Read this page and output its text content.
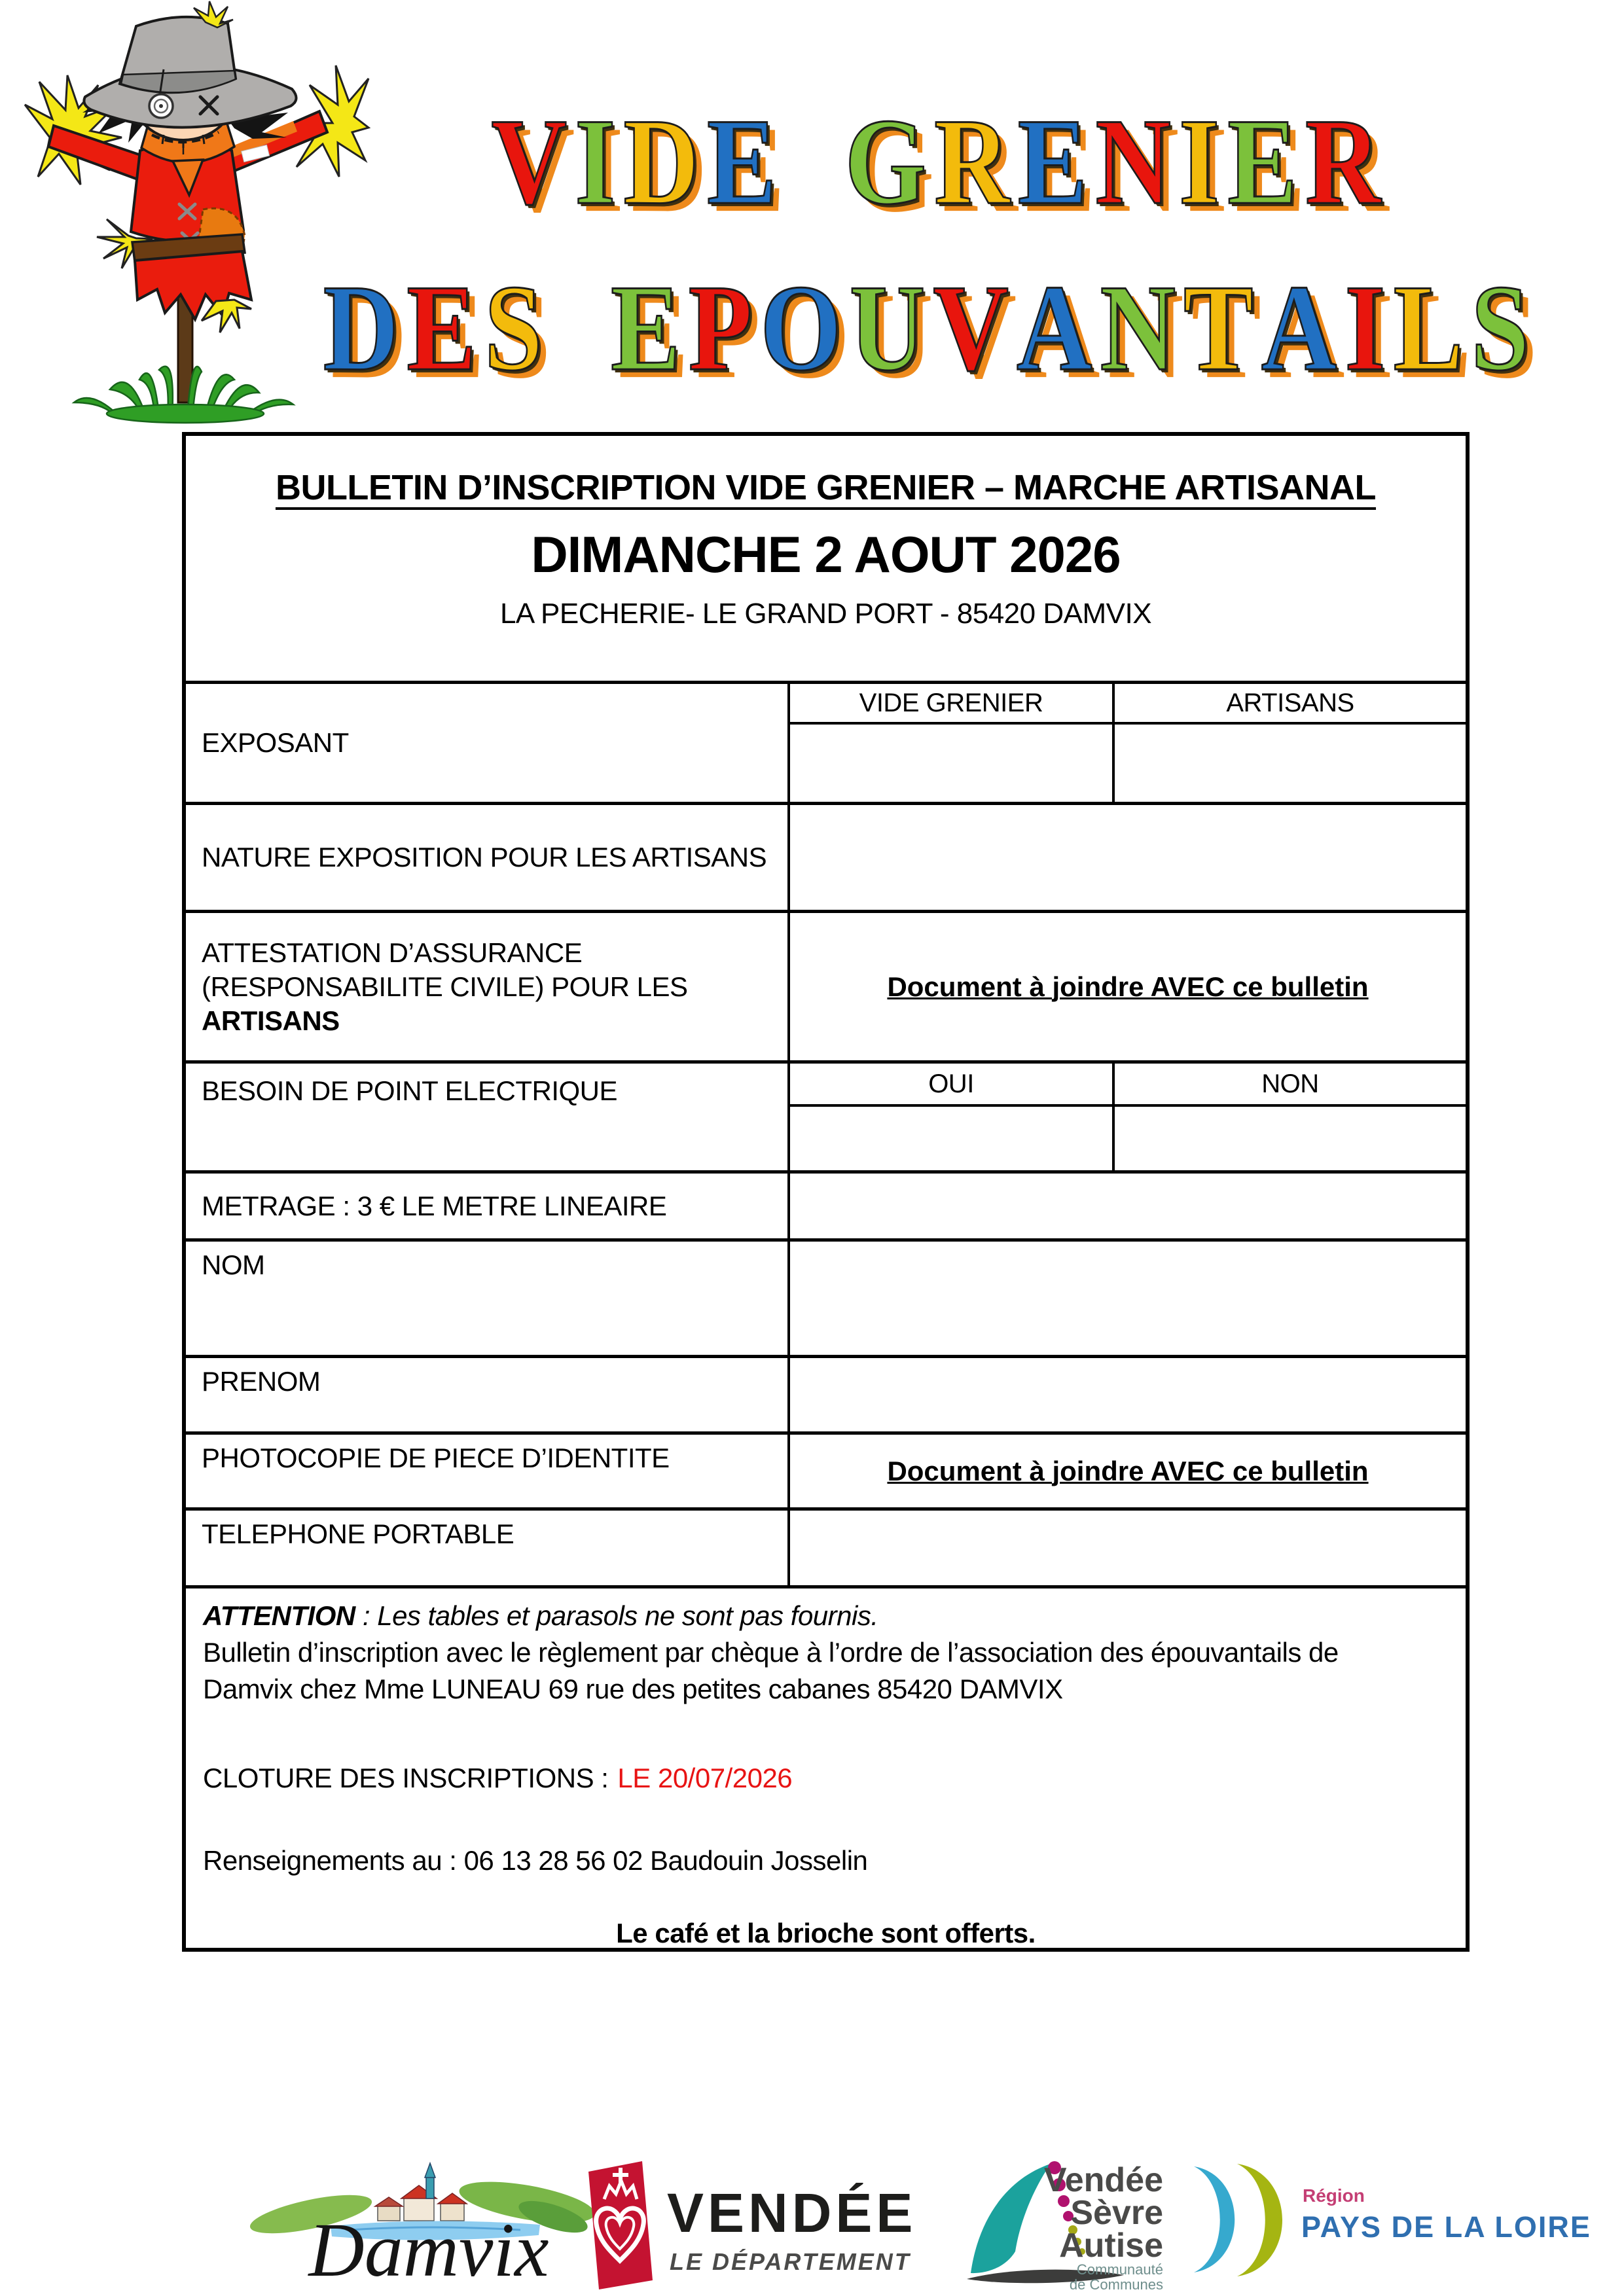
VIDE GRENIER
DES EPOUVANTAILS
BULLETIN D’INSCRIPTION VIDE GRENIER – MARCHE ARTISANAL
DIMANCHE 2 AOUT 2026
LA PECHERIE- LE GRAND PORT - 85420 DAMVIX
EXPOSANT
VIDE GRENIER	ARTISANS
NATURE EXPOSITION POUR LES ARTISANS
ATTESTATION D’ASSURANCE
(RESPONSABILITE CIVILE) POUR LES
ARTISANS
Document à joindre AVEC ce bulletin
BESOIN DE POINT ELECTRIQUE	OUI	NON
METRAGE : 3 € LE METRE LINEAIRE
NOM
PRENOM
PHOTOCOPIE DE PIECE D’IDENTITE	Document à joindre AVEC ce bulletin
TELEPHONE PORTABLE
ATTENTION : Les tables et parasols ne sont pas fournis.
Bulletin d’inscription avec le règlement par chèque à l’ordre de l’association des épouvantails de
Damvix chez Mme LUNEAU 69 rue des petites cabanes 85420 DAMVIX
CLOTURE DES INSCRIPTIONS : LE 20/07/2026
Renseignements au : 06 13 28 56 02 Baudouin Josselin
Le café et la brioche sont offerts.
Damvix VENDÉE
LE DÉPARTEMENT
Vendée
Sèvre
Autise
Communauté
de Communes
Région
PAYS DE LA LOIRE
